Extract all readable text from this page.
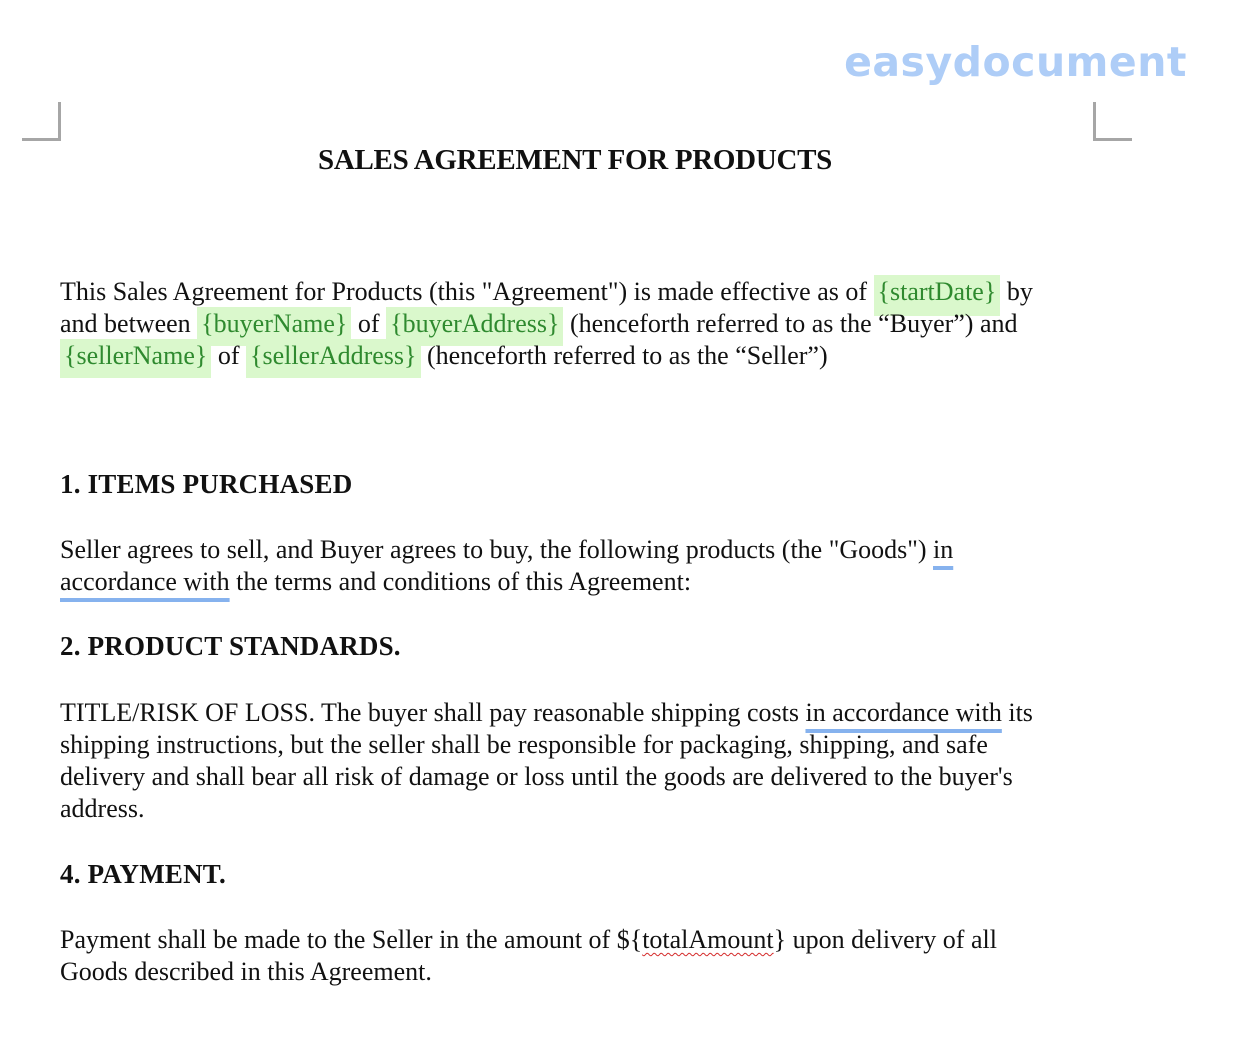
easydocument
SALES AGREEMENT FOR PRODUCTS

This Sales Agreement for Products (this "Agreement") is made effective as of {startDate} by
and between {buyerName} of {buyerAddress} (henceforth referred to as the “Buyer”) and
{sellerName} of {sellerAddress} (henceforth referred to as the “Seller”)

1. ITEMS PURCHASED

Seller agrees to sell, and Buyer agrees to buy, the following products (the "Goods") in
accordance with the terms and conditions of this Agreement:

2. PRODUCT STANDARDS.

TITLE/RISK OF LOSS. The buyer shall pay reasonable shipping costs in accordance with its
shipping instructions, but the seller shall be responsible for packaging, shipping, and safe
delivery and shall bear all risk of damage or loss until the goods are delivered to the buyer's
address.

4. PAYMENT.

Payment shall be made to the Seller in the amount of ${totalAmount} upon delivery of all
Goods described in this Agreement.
